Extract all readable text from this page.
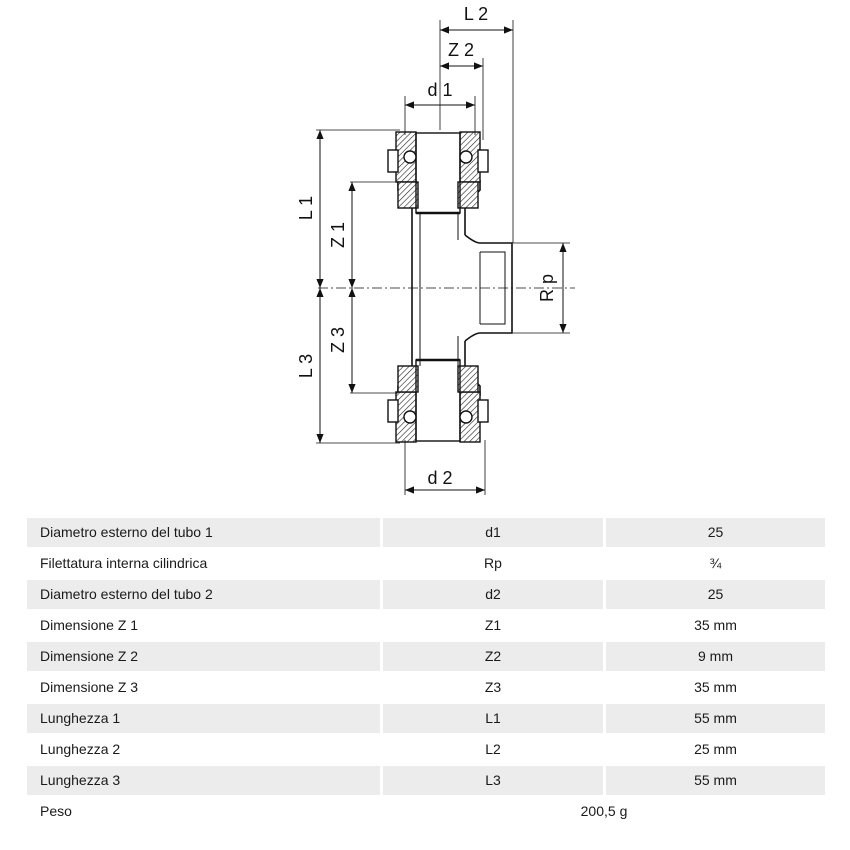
L 2
Z 2
d 1
L 1
Z 1
L 3
Z 3
R p
d 2
Diametro esterno del tubo 1	d1	25
Filettatura interna cilindrica	Rp	¾
Diametro esterno del tubo 2	d2	25
Dimensione Z 1	Z1	35 mm
Dimensione Z 2	Z2	9 mm
Dimensione Z 3	Z3	35 mm
Lunghezza 1	L1	55 mm
Lunghezza 2	L2	25 mm
Lunghezza 3	L3	55 mm
Peso	200,5 g	
